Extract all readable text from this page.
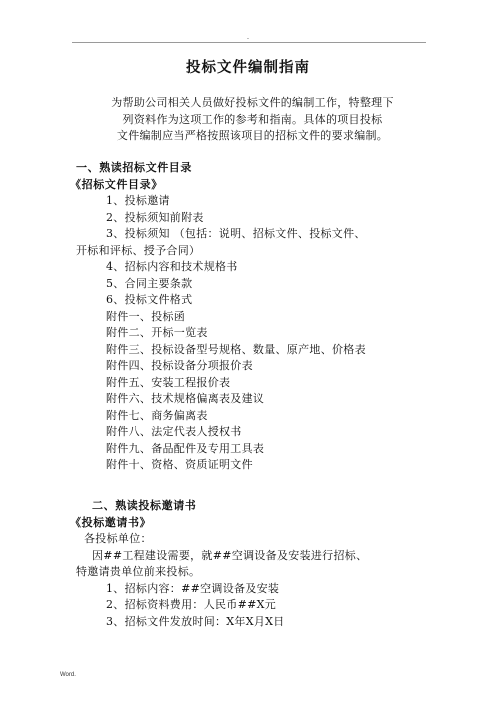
.
投标文件编制指南
为帮助公司相关人员做好投标文件的编制工作，特整理下
列资料作为这项工作的参考和指南。具体的项目投标
文件编制应当严格按照该项目的招标文件的要求编制。
一、熟读招标文件目录
《招标文件目录》
1、投标邀请
2、投标须知前附表
3、投标须知 （包括：说明、招标文件、投标文件、
开标和评标、授予合同）
4、招标内容和技术规格书
5、合同主要条款
6、投标文件格式
附件一、投标函
附件二、开标一览表
附件三、投标设备型号规格、数量、原产地、价格表
附件四、投标设备分项报价表
附件五、安装工程报价表
附件六、技术规格偏离表及建议
附件七、商务偏离表
附件八、法定代表人授权书
附件九、备品配件及专用工具表
附件十、资格、资质证明文件
二、熟读投标邀请书
《投标邀请书》
各投标单位：
因##工程建设需要，就##空调设备及安装进行招标、
特邀请贵单位前来投标。
1、招标内容：##空调设备及安装
2、招标资料费用：人民币##X元
3、招标文件发放时间：X年X月X日
Word.
